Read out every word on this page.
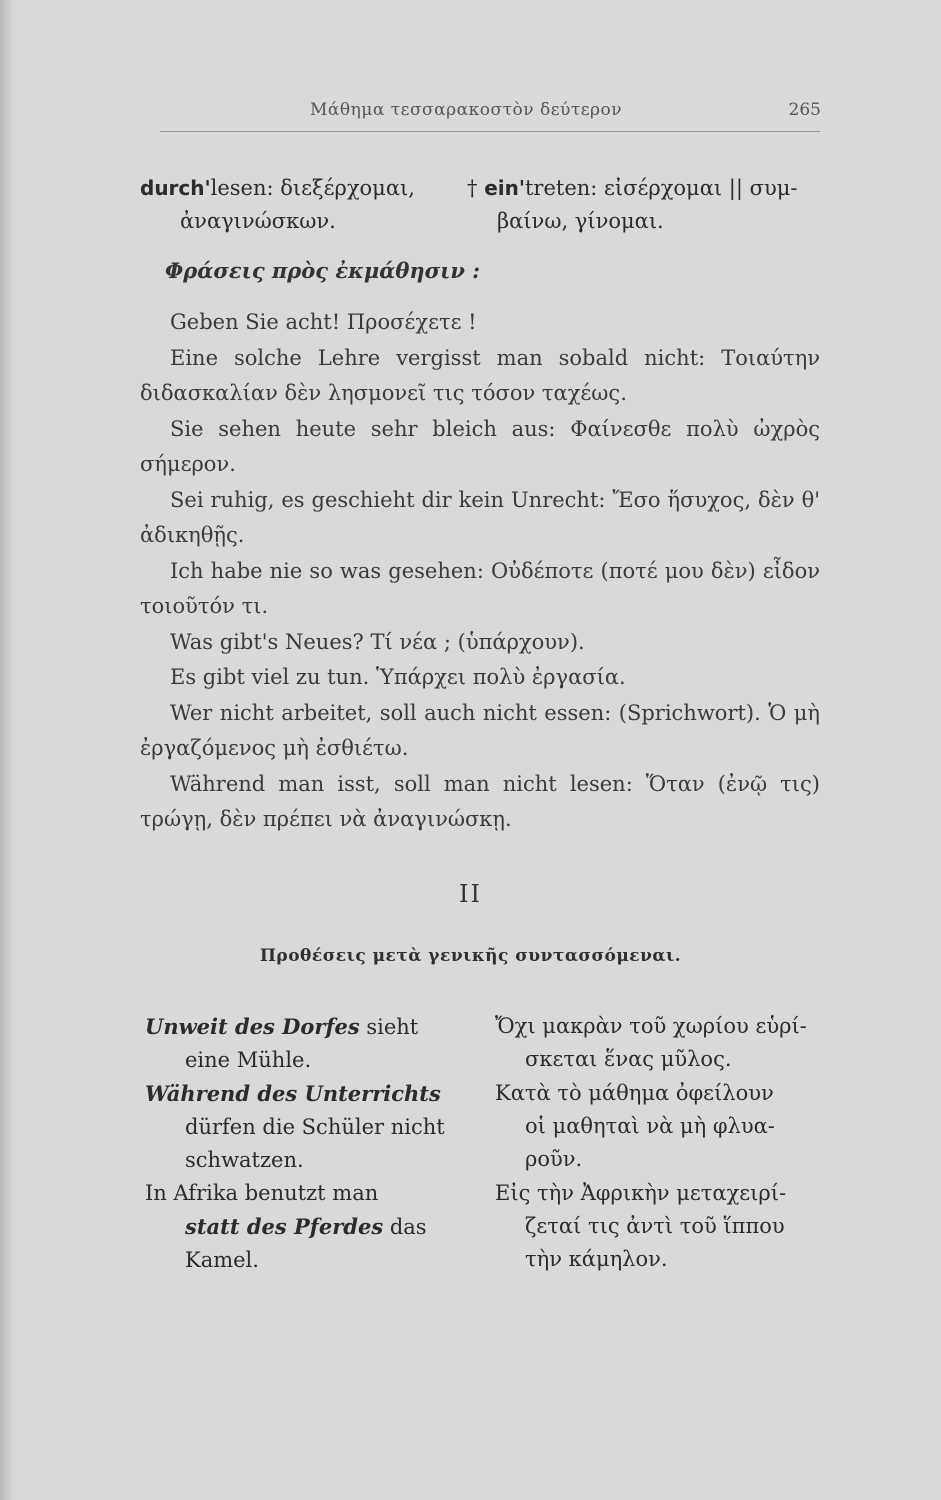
Μάθημα τεσσαρακοστὸν δεύτερον	265
durch'lesen: διεξέρχομαι,
ἀναγινώσκων.
† ein'treten: εἰσέρχομαι || συμ-
βαίνω, γίνομαι.
Φράσεις πρὸς ἐκμάθησιν :

Geben Sie acht! Προσέχετε !

Eine solche Lehre vergisst man sobald nicht: Τοιαύτην διδασκαλίαν δὲν λησμονεῖ τις τόσον ταχέως.

Sie sehen heute sehr bleich aus: Φαίνεσθε πολὺ ὠχρὸς σήμερον.

Sei ruhig, es geschieht dir kein Unrecht: Ἔσο ἥσυχος, δὲν θ' ἀδικηθῇς.

Ich habe nie so was gesehen: Οὐδέποτε (ποτέ μου δὲν) εἶδον τοιοῦτόν τι.

Was gibt's Neues? Τί νέα ; (ὑπάρχουν).

Es gibt viel zu tun. Ὑπάρχει πολὺ ἐργασία.

Wer nicht arbeitet, soll auch nicht essen: (Sprichwort). Ὁ μὴ ἐργαζόμενος μὴ ἐσθιέτω.

Während man isst, soll man nicht lesen: Ὅταν (ἐνῷ τις) τρώγῃ, δὲν πρέπει νὰ ἀναγινώσκῃ.

II
Προθέσεις μετὰ γενικῆς συντασσόμεναι.
Unweit des Dorfes sieht
eine Mühle.
Ὄχι μακρὰν τοῦ χωρίου εὑρί-
σκεται ἕνας μῦλος.
Während des Unterrichts
dürfen die Schüler nicht
schwatzen.
Κατὰ τὸ μάθημα ὀφείλουν
οἱ μαθηταὶ νὰ μὴ φλυα-
ροῦν.
In Afrika benutzt man
statt des Pferdes das
Kamel.
Εἰς τὴν Ἀφρικὴν μεταχειρί-
ζεταί τις ἀντὶ τοῦ ἵππου
τὴν κάμηλον.
